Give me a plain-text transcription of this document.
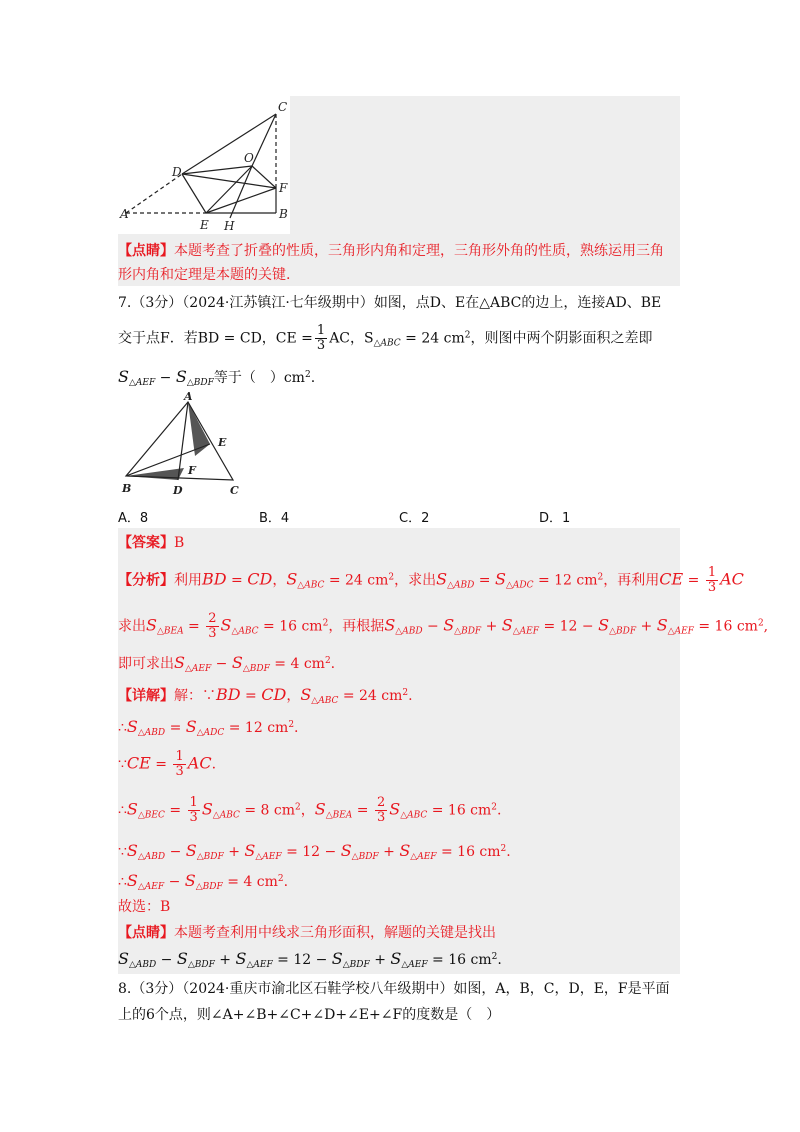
C
D
O
F
A	B
E H
【点睛】本题考查了折叠的性质，三角形内角和定理，三角形外角的性质，熟练运用三角
形内角和定理是本题的关键.
7.（3分）（2024·江苏镇江·七年级期中）如图，点D、E在△ABC的边上，连接AD、BE
交于点F．若BD = CD，CE = $\frac{1}{3}$ AC，$S_{\triangle ABC} = 24$ $cm^2$，则图中两个阴影面积之差即
$S_{\triangle AEF} - S_{\triangle BDF}$等于（　）$cm^2$.
A
E
F
B	D	C
A．8	B．4	C．2	D．1
【答案】B
【分析】利用BD = CD，$S_{\triangle ABC} = 24$ $cm^2$，求出$S_{\triangle ABD} = S_{\triangle ADC} = 12$ $cm^2$，再利用CE = $\frac{1}{3}$ AC
求出$S_{\triangle BEA} = \frac{2}{3} S_{\triangle ABC} = 16$ $cm^2$，再根据$S_{\triangle ABD} - S_{\triangle BDF} + S_{\triangle AEF} = 12 - S_{\triangle BDF} + S_{\triangle AEF} = 16$ $cm^2$,
即可求出$S_{\triangle AEF} - S_{\triangle BDF} = 4$ $cm^2$.
【详解】解：∵BD = CD，$S_{\triangle ABC} = 24$ $cm^2$.
$\therefore S_{\triangle ABD} = S_{\triangle ADC} = 12$ $cm^2$.
∵CE = $\frac{1}{3}$ AC.
$\therefore S_{\triangle BEC} = \frac{1}{3} S_{\triangle ABC} = 8$ $cm^2$，$S_{\triangle BEA} = \frac{2}{3} S_{\triangle ABC} = 16$ $cm^2$.
$\because S_{\triangle ABD} - S_{\triangle BDF} + S_{\triangle AEF} = 12 - S_{\triangle BDF} + S_{\triangle AEF} = 16$ $cm^2$.
$\therefore S_{\triangle AEF} - S_{\triangle BDF} = 4$ $cm^2$.
故选：B
【点睛】本题考查利用中线求三角形面积，解题的关键是找出
$S_{\triangle ABD} - S_{\triangle BDF} + S_{\triangle AEF} = 12 - S_{\triangle BDF} + S_{\triangle AEF} = 16$ $cm^2$.
8.（3分）（2024·重庆市渝北区石鞋学校八年级期中）如图，A，B，C，D，E，F是平面
上的6个点，则∠A+∠B+∠C+∠D+∠E+∠F的度数是（　）
